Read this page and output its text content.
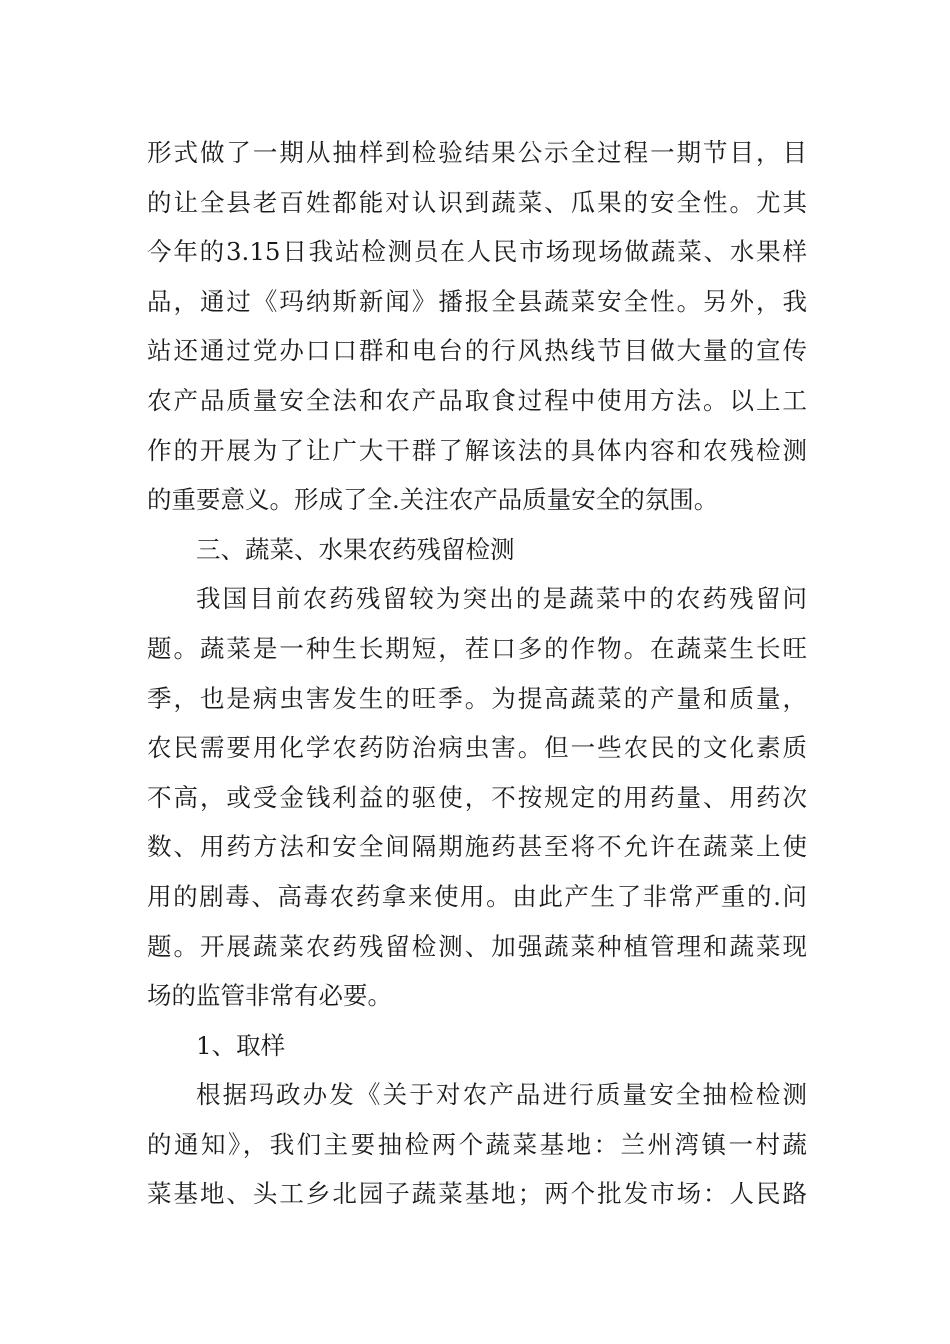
形式做了一期从抽样到检验结果公示全过程一期节目，目
的让全县老百姓都能对认识到蔬菜、瓜果的安全性。尤其
今年的3.15日我站检测员在人民市场现场做蔬菜、水果样
品，通过《玛纳斯新闻》播报全县蔬菜安全性。另外，我
站还通过党办口口群和电台的行风热线节目做大量的宣传
农产品质量安全法和农产品取食过程中使用方法。以上工
作的开展为了让广大干群了解该法的具体内容和农残检测
的重要意义。形成了全.关注农产品质量安全的氛围。
三、蔬菜、水果农药残留检测
我国目前农药残留较为突出的是蔬菜中的农药残留问
题。蔬菜是一种生长期短，茬口多的作物。在蔬菜生长旺
季，也是病虫害发生的旺季。为提高蔬菜的产量和质量，
农民需要用化学农药防治病虫害。但一些农民的文化素质
不高，或受金钱利益的驱使，不按规定的用药量、用药次
数、用药方法和安全间隔期施药甚至将不允许在蔬菜上使
用的剧毒、高毒农药拿来使用。由此产生了非常严重的.问
题。开展蔬菜农药残留检测、加强蔬菜种植管理和蔬菜现
场的监管非常有必要。
1、取样
根据玛政办发《关于对农产品进行质量安全抽检检测
的通知》，我们主要抽检两个蔬菜基地：兰州湾镇一村蔬
菜基地、头工乡北园子蔬菜基地；两个批发市场：人民路
